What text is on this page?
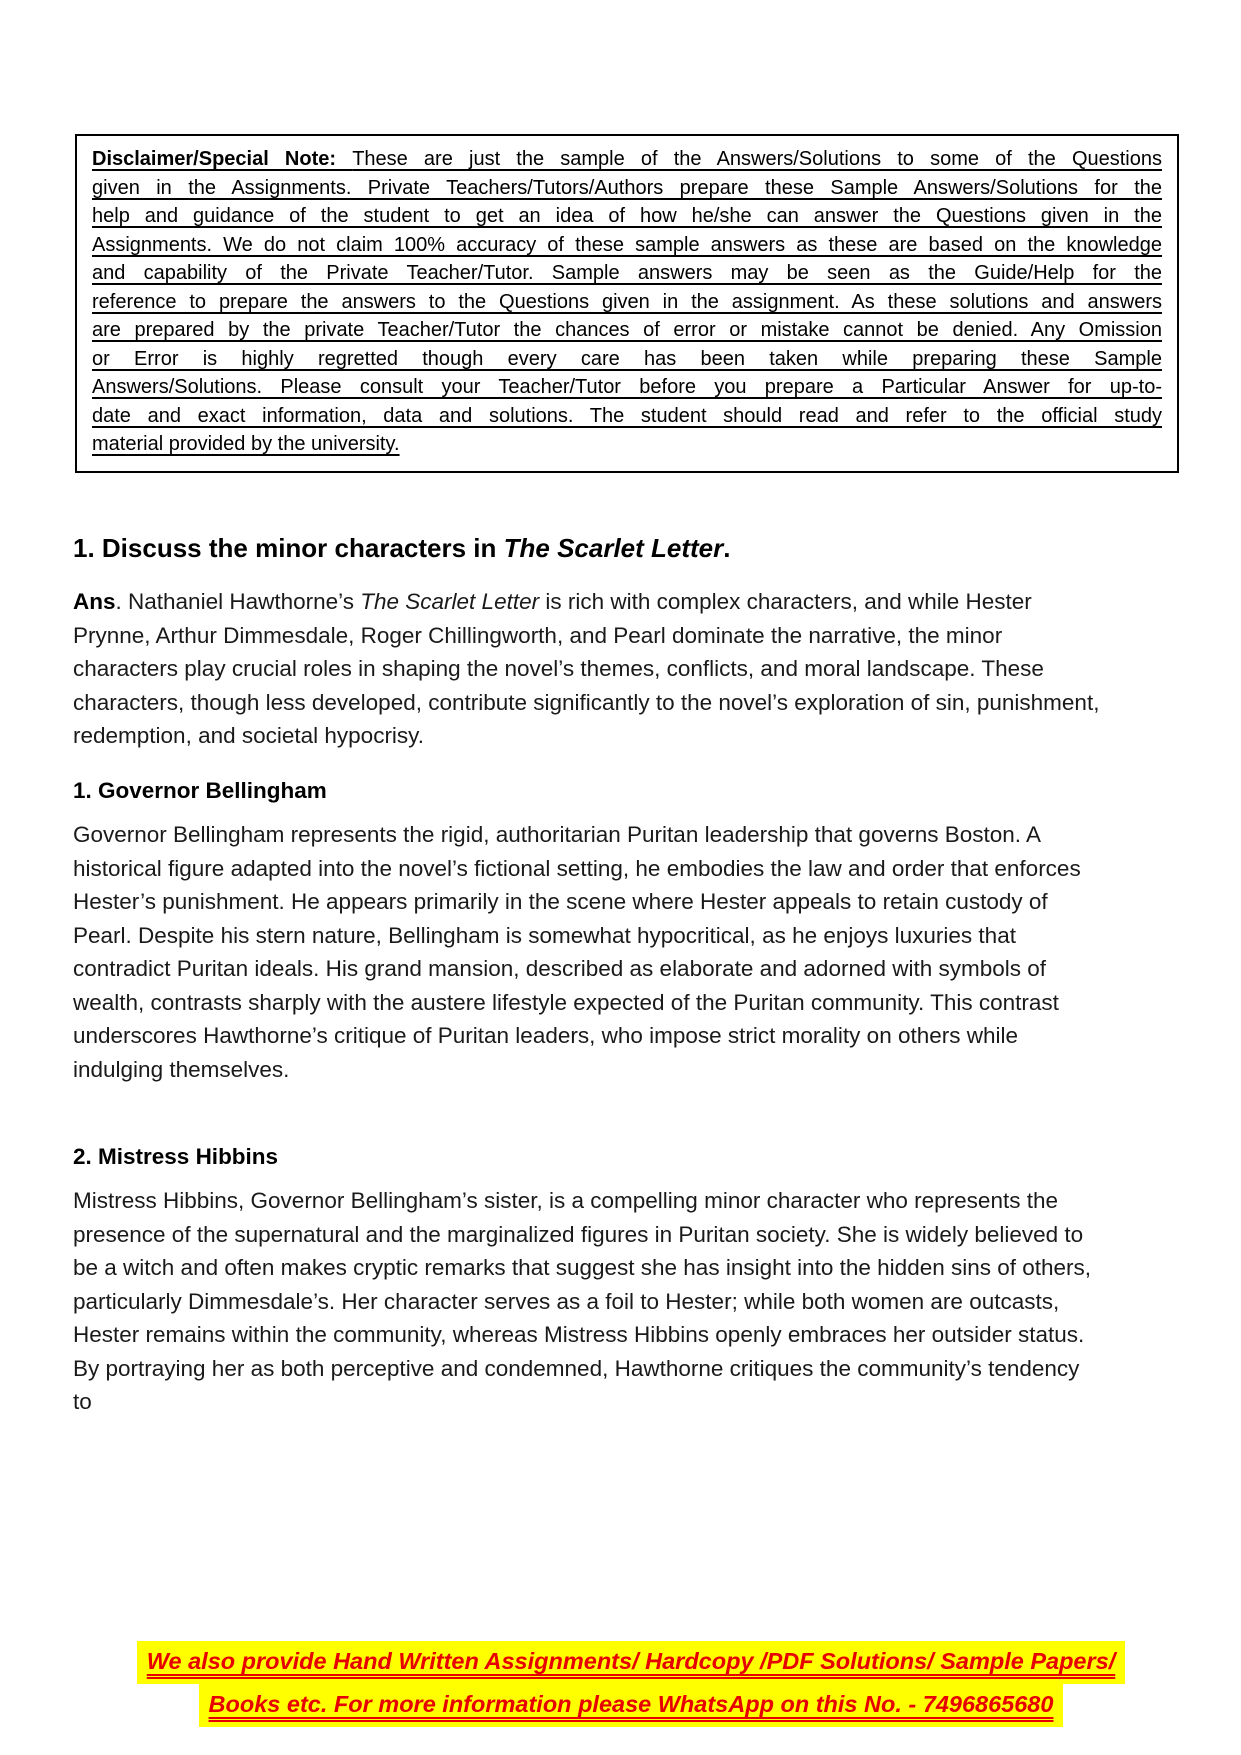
Disclaimer/Special Note: These are just the sample of the Answers/Solutions to some of the Questions
given in the Assignments. Private Teachers/Tutors/Authors prepare these Sample Answers/Solutions for the
help and guidance of the student to get an idea of how he/she can answer the Questions given in the
Assignments. We do not claim 100% accuracy of these sample answers as these are based on the knowledge
and capability of the Private Teacher/Tutor. Sample answers may be seen as the Guide/Help for the
reference to prepare the answers to the Questions given in the assignment. As these solutions and answers
are prepared by the private Teacher/Tutor the chances of error or mistake cannot be denied. Any Omission
or Error is highly regretted though every care has been taken while preparing these Sample
Answers/Solutions. Please consult your Teacher/Tutor before you prepare a Particular Answer for up-to-
date and exact information, data and solutions. The student should read and refer to the official study
material provided by the university.
1. Discuss the minor characters in The Scarlet Letter.

Ans. Nathaniel Hawthorne’s The Scarlet Letter is rich with complex characters, and while Hester Prynne, Arthur Dimmesdale, Roger Chillingworth, and Pearl dominate the narrative, the minor characters play crucial roles in shaping the novel’s themes, conflicts, and moral landscape. These characters, though less developed, contribute significantly to the novel’s exploration of sin, punishment, redemption, and societal hypocrisy.

1. Governor Bellingham

Governor Bellingham represents the rigid, authoritarian Puritan leadership that governs Boston. A historical figure adapted into the novel’s fictional setting, he embodies the law and order that enforces Hester’s punishment. He appears primarily in the scene where Hester appeals to retain custody of Pearl. Despite his stern nature, Bellingham is somewhat hypocritical, as he enjoys luxuries that contradict Puritan ideals. His grand mansion, described as elaborate and adorned with symbols of wealth, contrasts sharply with the austere lifestyle expected of the Puritan community. This contrast underscores Hawthorne’s critique of Puritan leaders, who impose strict morality on others while indulging themselves.

2. Mistress Hibbins

Mistress Hibbins, Governor Bellingham’s sister, is a compelling minor character who represents the presence of the supernatural and the marginalized figures in Puritan society. She is widely believed to be a witch and often makes cryptic remarks that suggest she has insight into the hidden sins of others, particularly Dimmesdale’s. Her character serves as a foil to Hester; while both women are outcasts, Hester remains within the community, whereas Mistress Hibbins openly embraces her outsider status. By portraying her as both perceptive and condemned, Hawthorne critiques the community’s tendency to

We also provide Hand Written Assignments/ Hardcopy /PDF Solutions/ Sample Papers/
Books etc. For more information please WhatsApp on this No. - 7496865680
